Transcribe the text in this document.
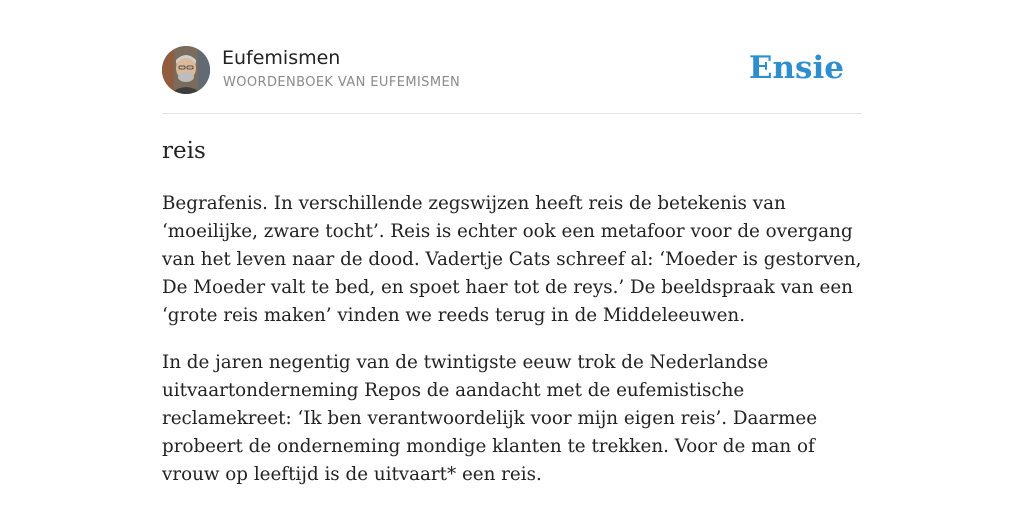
Eufemismen
WOORDENBOEK VAN EUFEMISMEN	Ensie
reis

Begrafenis. In verschillende zegswijzen heeft reis de betekenis van ‘moeilijke, zware tocht’. Reis is echter ook een metafoor voor de overgang van het leven naar de dood. Vadertje Cats schreef al: ‘Moeder is gestorven, De Moeder valt te bed, en spoet haer tot de reys.’ De beeldspraak van een ‘grote reis maken’ vinden we reeds terug in de Middeleeuwen.

In de jaren negentig van de twintigste eeuw trok de Nederlandse uitvaartonderneming Repos de aandacht met de eufemistische reclamekreet: ‘Ik ben verantwoordelijk voor mijn eigen reis’. Daarmee probeert de onderneming mondige klanten te trekken. Voor de man of vrouw op leeftijd is de uitvaart* een reis.
